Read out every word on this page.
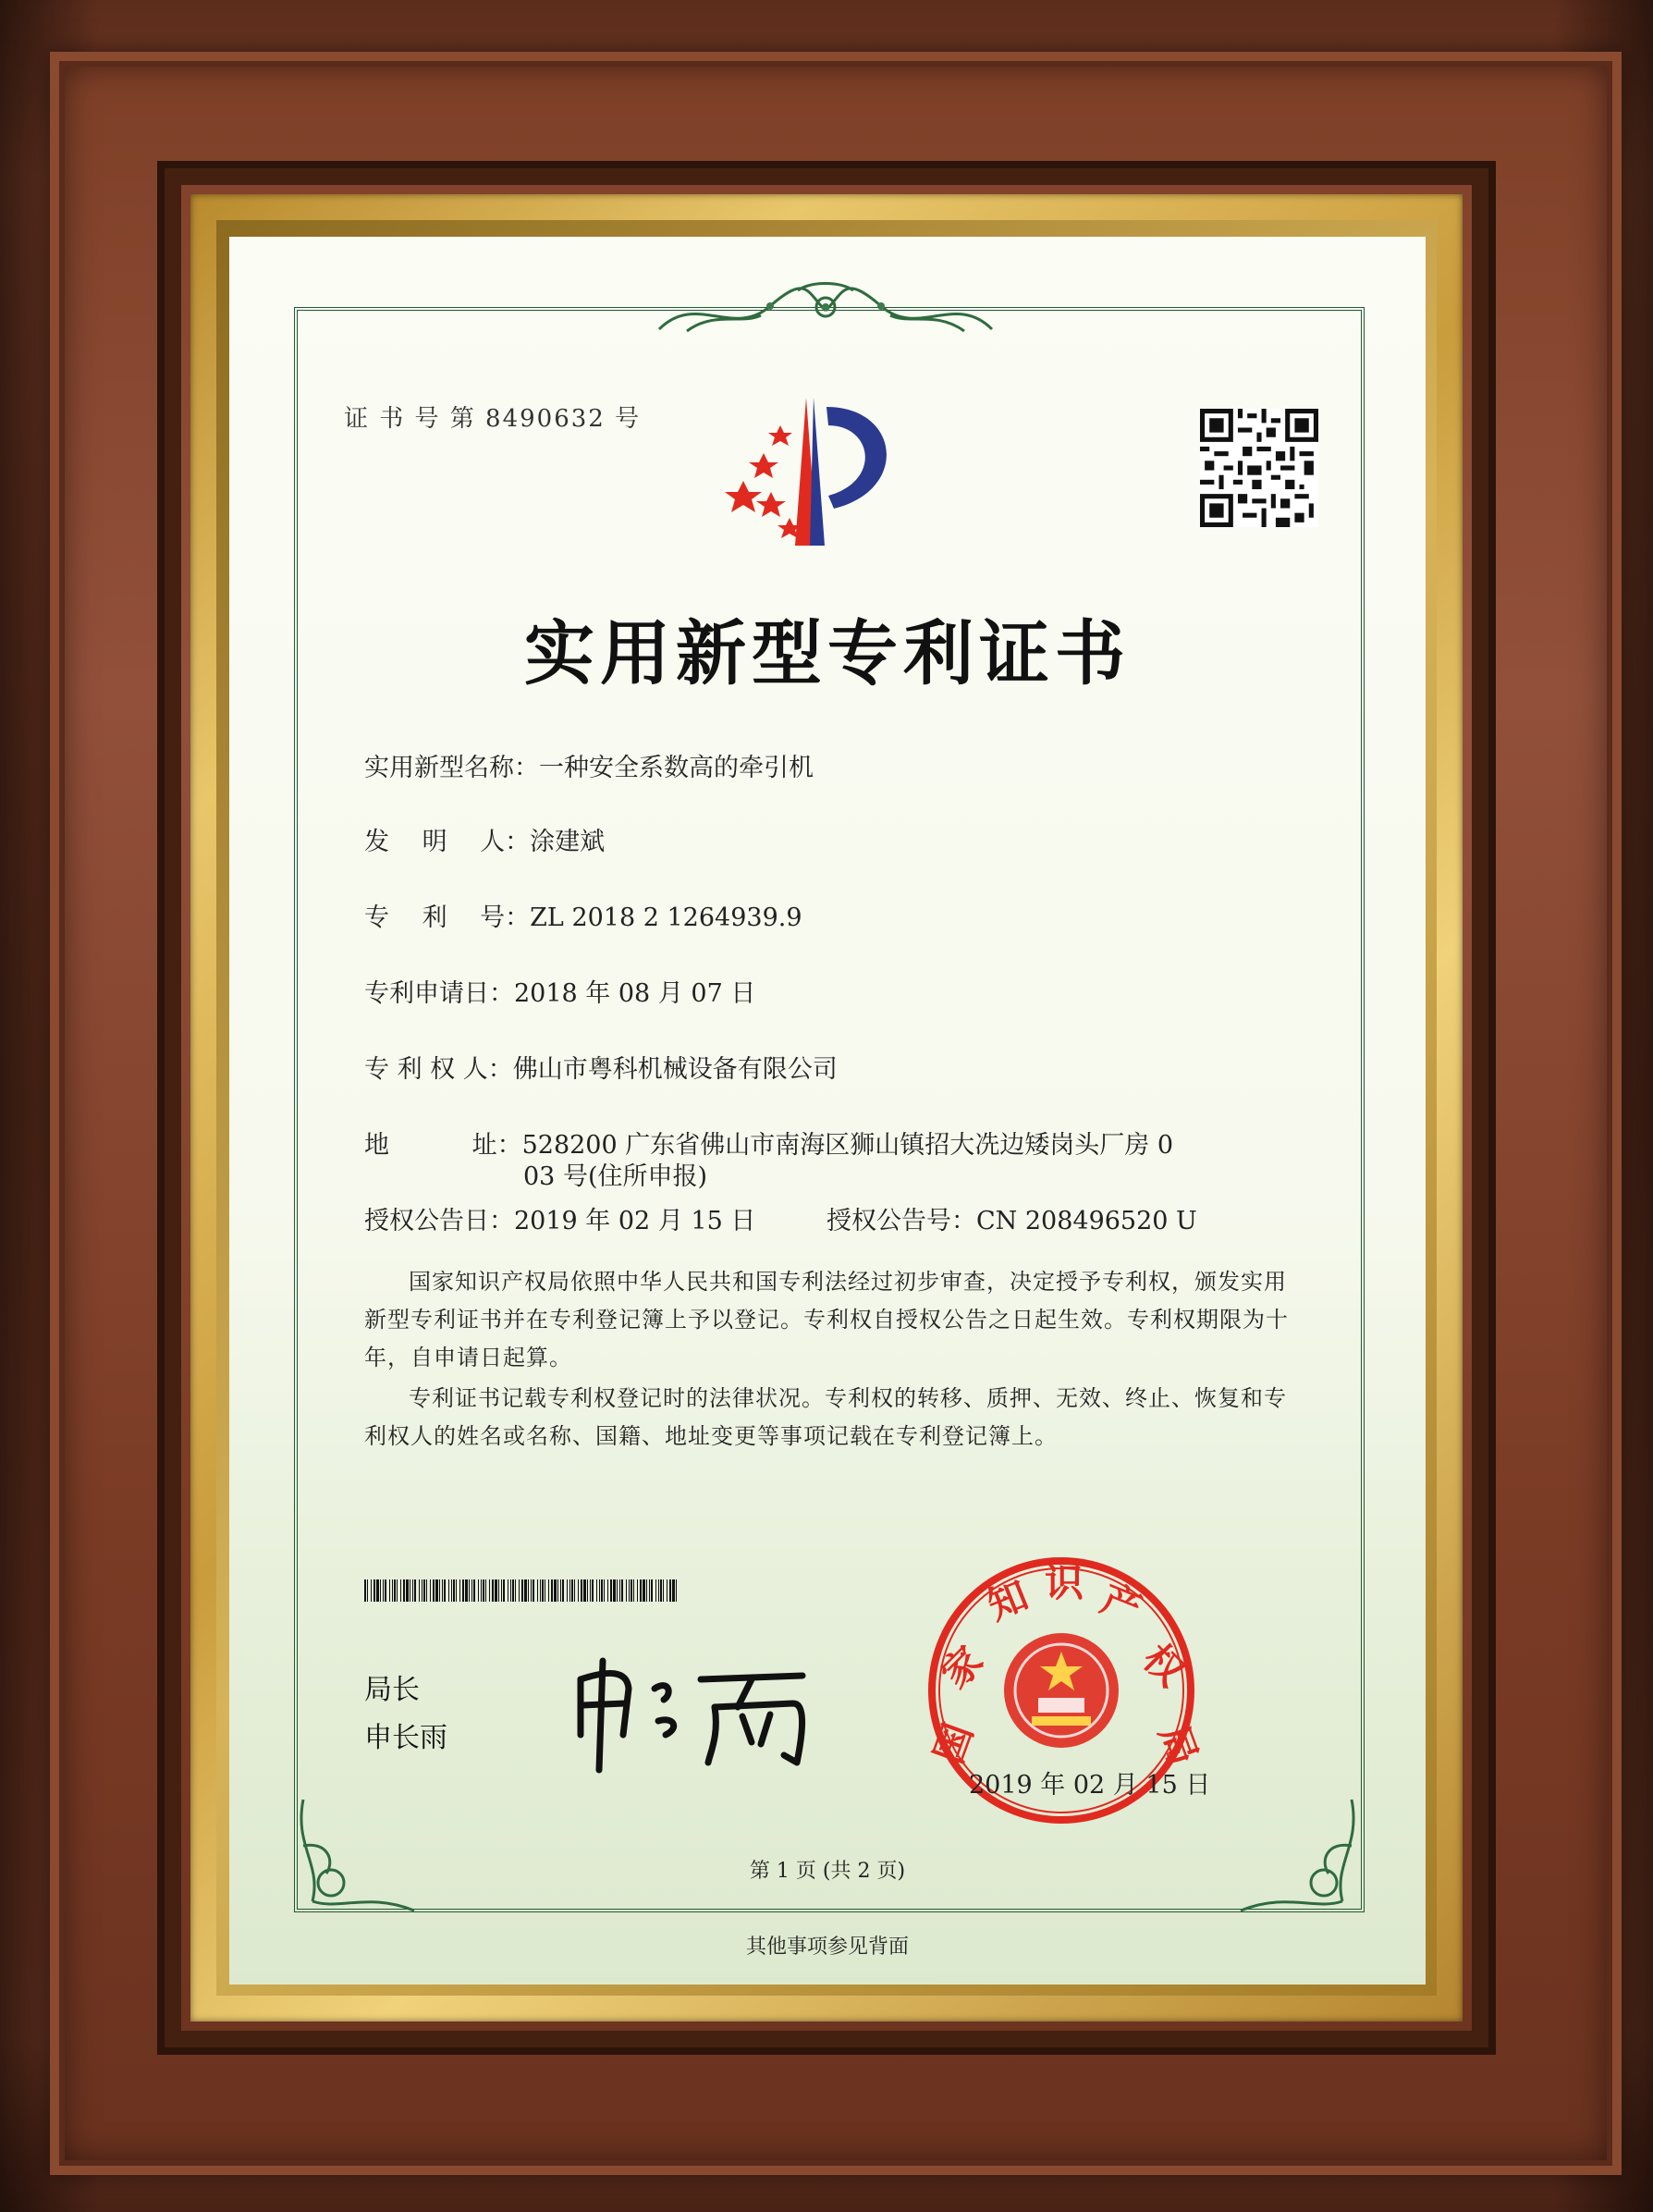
证 书 号 第 8490632 号
实用新型专利证书
实用新型名称：一种安全系数高的牵引机
发　 明　 人：涂建斌
专　 利　 号：ZL 2018 2 1264939.9
专利申请日：2018 年 08 月 07 日
专 利 权 人：佛山市粤科机械设备有限公司
地　　　 址：528200 广东省佛山市南海区狮山镇招大冼边矮岗头厂房 0
03 号(住所申报)
授权公告日：2019 年 02 月 15 日	授权公告号：CN 208496520 U
国家知识产权局依照中华人民共和国专利法经过初步审查，决定授予专利权，颁发实用新型专利证书并在专利登记簿上予以登记。专利权自授权公告之日起生效。专利权期限为十年，自申请日起算。
专利证书记载专利权登记时的法律状况。专利权的转移、质押、无效、终止、恢复和专利权人的姓名或名称、国籍、地址变更等事项记载在专利登记簿上。
局长
申长雨	国
家
知 识 产
权
局
2019 年 02 月 15 日
第 1 页 (共 2 页)
其他事项参见背面
